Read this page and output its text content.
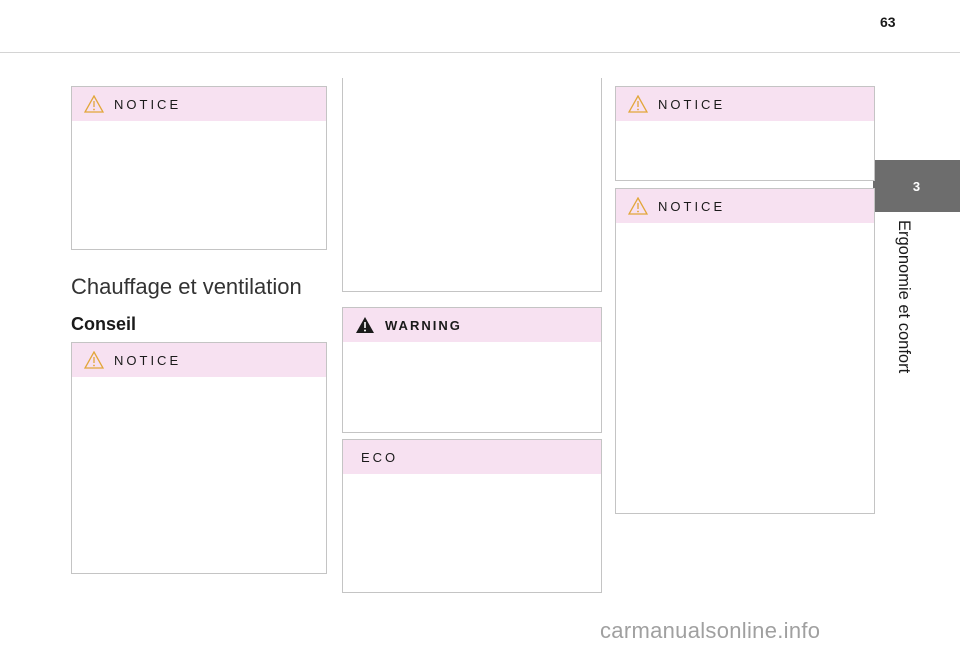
63
3
Ergonomie et confort
NOTICE
Chauffage et ventilation
Conseil
NOTICE
WARNING
ECO
NOTICE
NOTICE
carmanualsonline.info
